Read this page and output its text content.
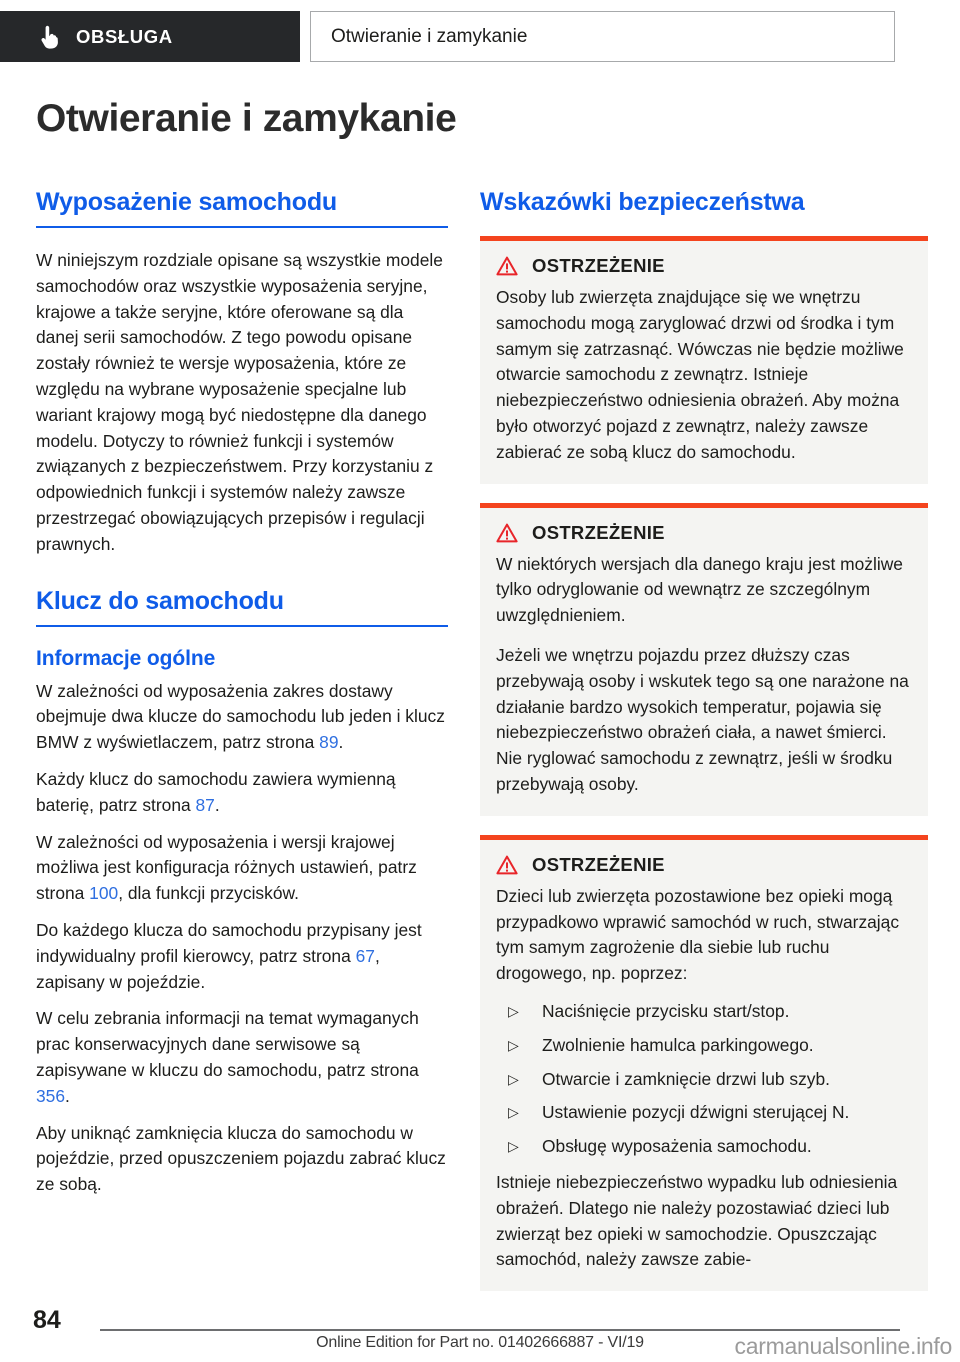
OBSŁUGA	Otwieranie i zamykanie
Otwieranie i zamykanie
Wyposażenie samochodu

W niniejszym rozdziale opisane są wszystkie modele samochodów oraz wszystkie wyposażenia seryjne, krajowe a także seryjne, które oferowane są dla danej serii samochodów. Z tego powodu opisane zostały również te wersje wyposażenia, które ze względu na wybrane wyposażenie specjalne lub wariant krajowy mogą być niedostępne dla danego modelu. Dotyczy to również funkcji i systemów związanych z bezpieczeństwem. Przy korzystaniu z odpowiednich funkcji i systemów należy zawsze przestrzegać obowiązujących przepisów i regulacji prawnych.

Klucz do samochodu
Informacje ogólne

W zależności od wyposażenia zakres dostawy obejmuje dwa klucze do samochodu lub jeden i klucz BMW z wyświetlaczem, patrz strona 89.

Każdy klucz do samochodu zawiera wymienną baterię, patrz strona 87.

W zależności od wyposażenia i wersji krajowej możliwa jest konfiguracja różnych ustawień, patrz strona 100, dla funkcji przycisków.

Do każdego klucza do samochodu przypisany jest indywidualny profil kierowcy, patrz strona 67, zapisany w pojeździe.

W celu zebrania informacji na temat wymaganych prac konserwacyjnych dane serwisowe są zapisywane w kluczu do samochodu, patrz strona 356.

Aby uniknąć zamknięcia klucza do samochodu w pojeździe, przed opuszczeniem pojazdu zabrać klucz ze sobą.

Wskazówki bezpieczeństwa
OSTRZEŻENIE

Osoby lub zwierzęta znajdujące się we wnętrzu samochodu mogą zaryglować drzwi od środka i tym samym się zatrzasnąć. Wówczas nie będzie możliwe otwarcie samochodu z zewnątrz. Istnieje niebezpieczeństwo odniesienia obrażeń. Aby można było otworzyć pojazd z zewnątrz, należy zawsze zabierać ze sobą klucz do samochodu.

OSTRZEŻENIE

W niektórych wersjach dla danego kraju jest możliwe tylko odryglowanie od wewnątrz ze szczególnym uwzględnieniem.

Jeżeli we wnętrzu pojazdu przez dłuższy czas przebywają osoby i wskutek tego są one narażone na działanie bardzo wysokich temperatur, pojawia się niebezpieczeństwo obrażeń ciała, a nawet śmierci. Nie ryglować samochodu z zewnątrz, jeśli w środku przebywają osoby.

OSTRZEŻENIE

Dzieci lub zwierzęta pozostawione bez opieki mogą przypadkowo wprawić samochód w ruch, stwarzając tym samym zagrożenie dla siebie lub ruchu drogowego, np. poprzez:

▷ Naciśnięcie przycisku start/stop.
▷ Zwolnienie hamulca parkingowego.
▷ Otwarcie i zamknięcie drzwi lub szyb.
▷ Ustawienie pozycji dźwigni sterującej N.
▷ Obsługę wyposażenia samochodu.

Istnieje niebezpieczeństwo wypadku lub odniesienia obrażeń. Dlatego nie należy pozostawiać dzieci lub zwierząt bez opieki w samochodzie. Opuszczając samochód, należy zawsze zabie-

84
Online Edition for Part no. 01402666887 - VI/19	carmanualsonline.info
